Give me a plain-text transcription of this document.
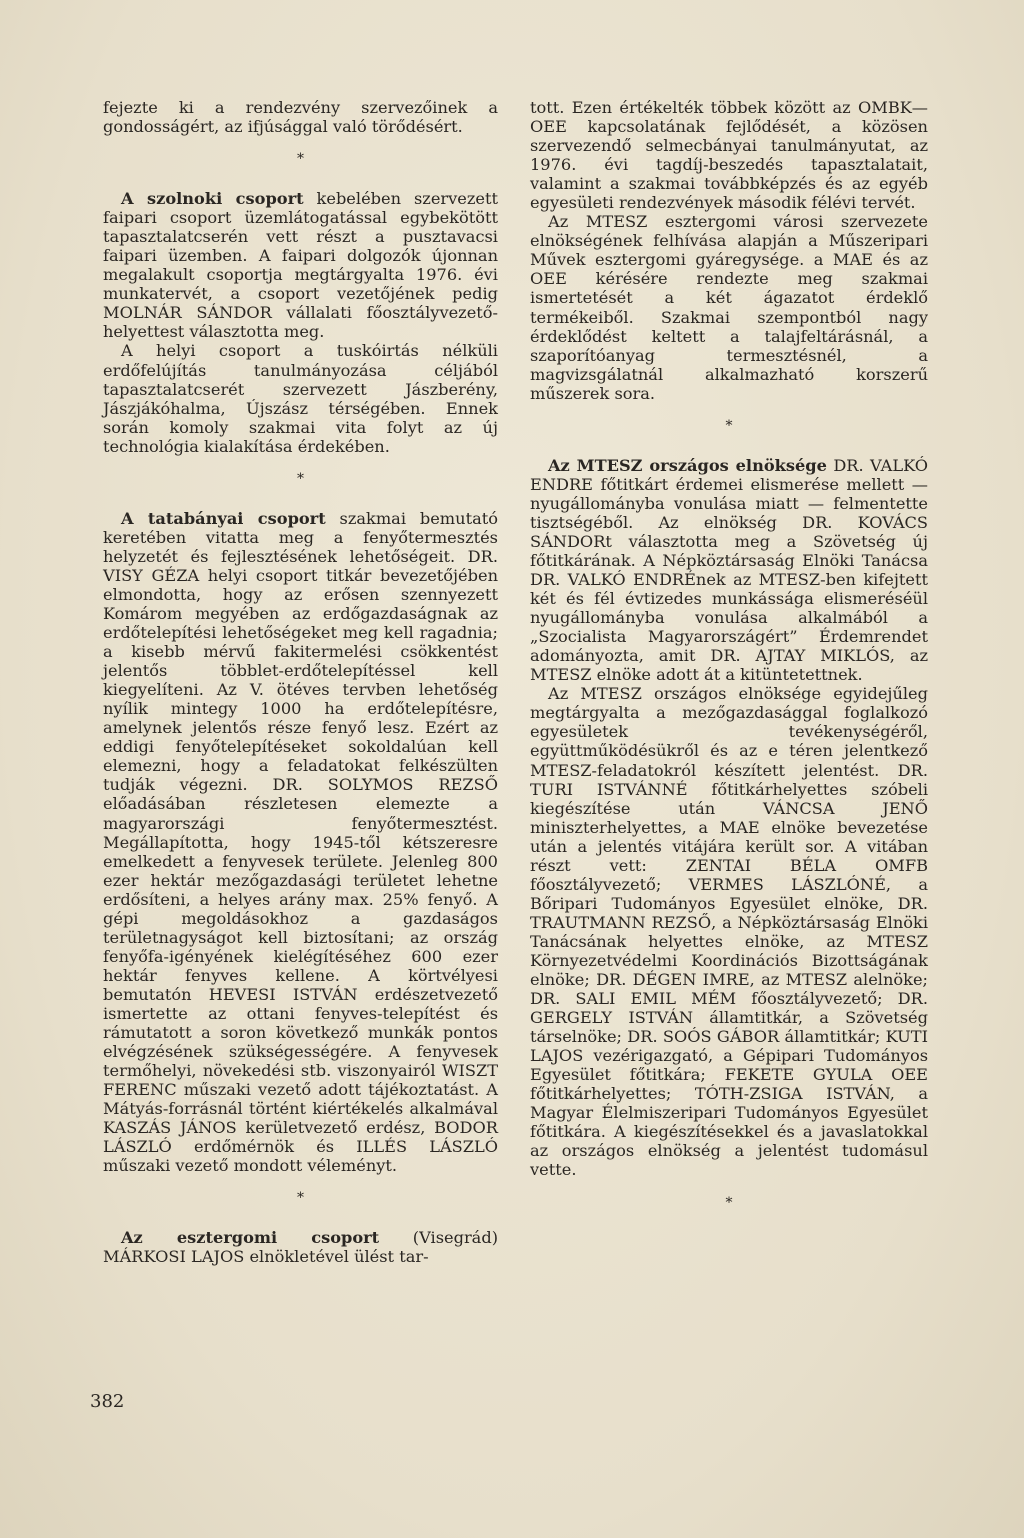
fejezte ki a rendezvény szervezőinek a gondosságért, az ifjúsággal való törődésért.

*

A szolnoki csoport kebelében szervezett faipari csoport üzemlátogatással egybekötött tapasztalatcserén vett részt a pusztavacsi faipari üzemben. A faipari dolgozók újonnan megalakult csoportja megtárgyalta 1976. évi munkatervét, a csoport vezetőjének pedig MOLNÁR SÁNDOR vállalati főosztályvezető-helyettest választotta meg.

A helyi csoport a tuskóirtás nélküli erdőfelújítás tanulmányozása céljából tapasztalatcserét szervezett Jászberény, Jászjákóhalma, Újszász térségében. Ennek során komoly szakmai vita folyt az új technológia kialakítása érdekében.

*

A tatabányai csoport szakmai bemutató keretében vitatta meg a fenyőtermesztés helyzetét és fejlesztésének lehetőségeit. DR. VISY GÉZA helyi csoport titkár bevezetőjében elmondotta, hogy az erősen szennyezett Komárom megyében az erdőgazdaságnak az erdőtelepítési lehetőségeket meg kell ragadnia; a kisebb mérvű fakitermelési csökkentést jelentős többlet-erdőtelepítéssel kell kiegyelíteni. Az V. ötéves tervben lehetőség nyílik mintegy 1000 ha erdőtelepítésre, amelynek jelentős része fenyő lesz. Ezért az eddigi fenyőtelepítéseket sokoldalúan kell elemezni, hogy a feladatokat felkészülten tudják végezni. DR. SOLYMOS REZSŐ előadásában részletesen elemezte a magyarországi fenyőtermesztést. Megállapította, hogy 1945-től kétszeresre emelkedett a fenyvesek területe. Jelenleg 800 ezer hektár mezőgazdasági területet lehetne erdősíteni, a helyes arány max. 25% fenyő. A gépi megoldásokhoz a gazdaságos területnagyságot kell biztosítani; az ország fenyőfa-igényének kielégítéséhez 600 ezer hektár fenyves kellene. A körtvélyesi bemutatón HEVESI ISTVÁN erdészetvezető ismertette az ottani fenyves-telepítést és rámutatott a soron következő munkák pontos elvégzésének szükségességére. A fenyvesek termőhelyi, növekedési stb. viszonyairól WISZT FERENC műszaki vezető adott tájékoztatást. A Mátyás-forrásnál történt kiértékelés alkalmával KASZÁS JÁNOS kerületvezető erdész, BODOR LÁSZLÓ erdőmérnök és ILLÉS LÁSZLÓ műszaki vezető mondott véleményt.

*

Az esztergomi csoport (Visegrád) MÁRKOSI LAJOS elnökletével ülést tar-

tott. Ezen értékelték többek között az OMBK—OEE kapcsolatának fejlődését, a közösen szervezendő selmecbányai tanulmányutat, az 1976. évi tagdíj-beszedés tapasztalatait, valamint a szakmai továbbképzés és az egyéb egyesületi rendezvények második félévi tervét.

Az MTESZ esztergomi városi szervezete elnökségének felhívása alapján a Műszeripari Művek esztergomi gyáregysége. a MAE és az OEE kérésére rendezte meg szakmai ismertetését a két ágazatot érdeklő termékeiből. Szakmai szempontból nagy érdeklődést keltett a talajfeltárásnál, a szaporítóanyag termesztésnél, a magvizsgálatnál alkalmazható korszerű műszerek sora.

*

Az MTESZ országos elnöksége DR. VALKÓ ENDRE főtitkárt érdemei elismerése mellett — nyugállományba vonulása miatt — felmentette tisztségéből. Az elnökség DR. KOVÁCS SÁNDORt választotta meg a Szövetség új főtitkárának. A Népköztársaság Elnöki Tanácsa DR. VALKÓ ENDRÉnek az MTESZ-ben kifejtett két és fél évtizedes munkássága elismeréséül nyugállományba vonulása alkalmából a „Szocialista Magyarországért” Érdemrendet adományozta, amit DR. AJTAY MIKLÓS, az MTESZ elnöke adott át a kitüntetettnek.

Az MTESZ országos elnöksége egyidejűleg megtárgyalta a mezőgazdasággal foglalkozó egyesületek tevékenységéről, együttműködésükről és az e téren jelentkező MTESZ-feladatokról készített jelentést. DR. TURI ISTVÁNNÉ főtitkárhelyettes szóbeli kiegészítése után VÁNCSA JENŐ miniszterhelyettes, a MAE elnöke bevezetése után a jelentés vitájára került sor. A vitában részt vett: ZENTAI BÉLA OMFB főosztályvezető; VERMES LÁSZLÓNÉ, a Bőripari Tudományos Egyesület elnöke, DR. TRAUTMANN REZSŐ, a Népköztársaság Elnöki Tanácsának helyettes elnöke, az MTESZ Környezetvédelmi Koordinációs Bizottságának elnöke; DR. DÉGEN IMRE, az MTESZ alelnöke; DR. SALI EMIL MÉM főosztályvezető; DR. GERGELY ISTVÁN államtitkár, a Szövetség társelnöke; DR. SOÓS GÁBOR államtitkár; KUTI LAJOS vezérigazgató, a Gépipari Tudományos Egyesület főtitkára; FEKETE GYULA OEE főtitkárhelyettes; TÓTH-ZSIGA ISTVÁN, a Magyar Élelmiszeripari Tudományos Egyesület főtitkára. A kiegészítésekkel és a javaslatokkal az országos elnökség a jelentést tudomásul vette.

*
382
